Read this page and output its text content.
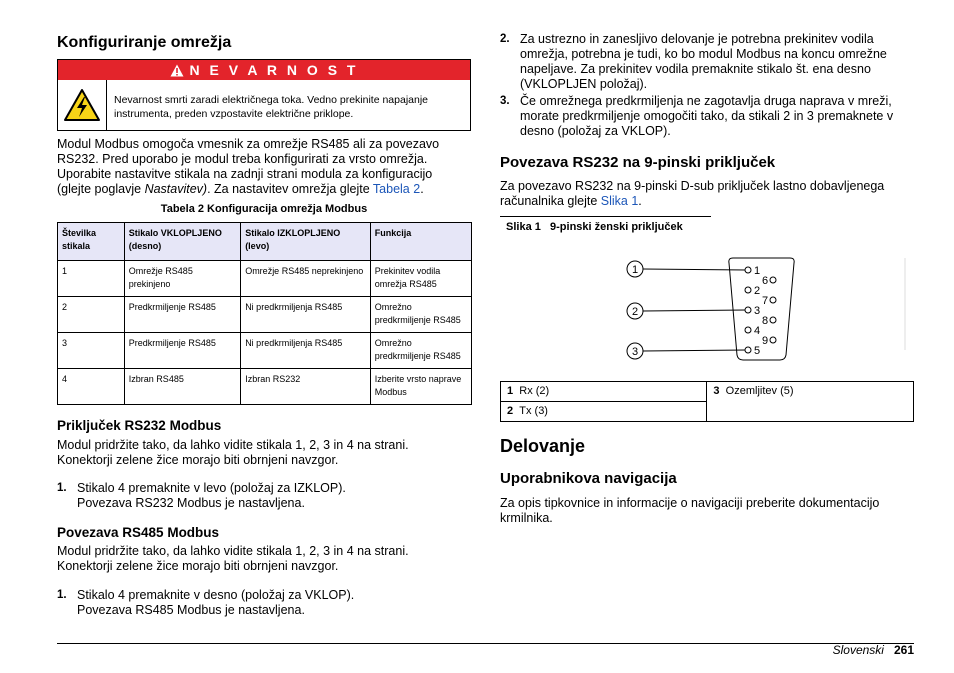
Konfiguriranje omrežja
N E V A R N O S T
Nevarnost smrti zaradi električnega toka. Vedno prekinite napajanje instrumenta, preden vzpostavite električne priklope.

Modul Modbus omogoča vmesnik za omrežje RS485 ali za povezavo

RS232. Pred uporabo je modul treba konfigurirati za vrsto omrežja.

Uporabite nastavitve stikala na zadnji strani modula za konfiguracijo

(glejte poglavje Nastavitev). Za nastavitev omrežja glejte Tabela 2.

Tabela 2 Konfiguracija omrežja Modbus
Številka stikala	Stikalo VKLOPLJENO (desno)	Stikalo IZKLOPLJENO (levo)	Funkcija
1	Omrežje RS485 prekinjeno	Omrežje RS485 neprekinjeno	Prekinitev vodila omrežja RS485
2	Predkrmiljenje RS485	Ni predkrmiljenja RS485	Omrežno predkrmiljenje RS485
3	Predkrmiljenje RS485	Ni predkrmiljenja RS485	Omrežno predkrmiljenje RS485
4	Izbran RS485	Izbran RS232	Izberite vrsto naprave Modbus
Priključek RS232 Modbus

Modul pridržite tako, da lahko vidite stikala 1, 2, 3 in 4 na strani.

Konektorji zelene žice morajo biti obrnjeni navzgor.

1. Stikalo 4 premaknite v levo (položaj za IZKLOP).

Povezava RS232 Modbus je nastavljena.

Povezava RS485 Modbus

Modul pridržite tako, da lahko vidite stikala 1, 2, 3 in 4 na strani.

Konektorji zelene žice morajo biti obrnjeni navzgor.

1. Stikalo 4 premaknite v desno (položaj za VKLOP).

Povezava RS485 Modbus je nastavljena.

2. Za ustrezno in zanesljivo delovanje je potrebna prekinitev vodila

omrežja, potrebna je tudi, ko bo modul Modbus na koncu omrežne

napeljave. Za prekinitev vodila premaknite stikalo št. ena desno

(VKLOPLJEN položaj).

3. Če omrežnega predkrmiljenja ne zagotavlja druga naprava v mreži,

morate predkrmiljenje omogočiti tako, da stikali 2 in 3 premaknete v

desno (položaj za VKLOP).

Povezava RS232 na 9-pinski priključek

Za povezavo RS232 na 9-pinski D-sub priključek lastno dobavljenega

računalnika glejte Slika 1.

Slika 1   9-pinski ženski priključek
1
2
3
1
6
2
7
3
8
4
9
5
1 Rx (2)	3 Ozemljitev (5)
2 Tx (3)
Delovanje
Uporabnikova navigacija

Za opis tipkovnice in informacije o navigaciji preberite dokumentacijo

krmilnika.

Slovenski 261
